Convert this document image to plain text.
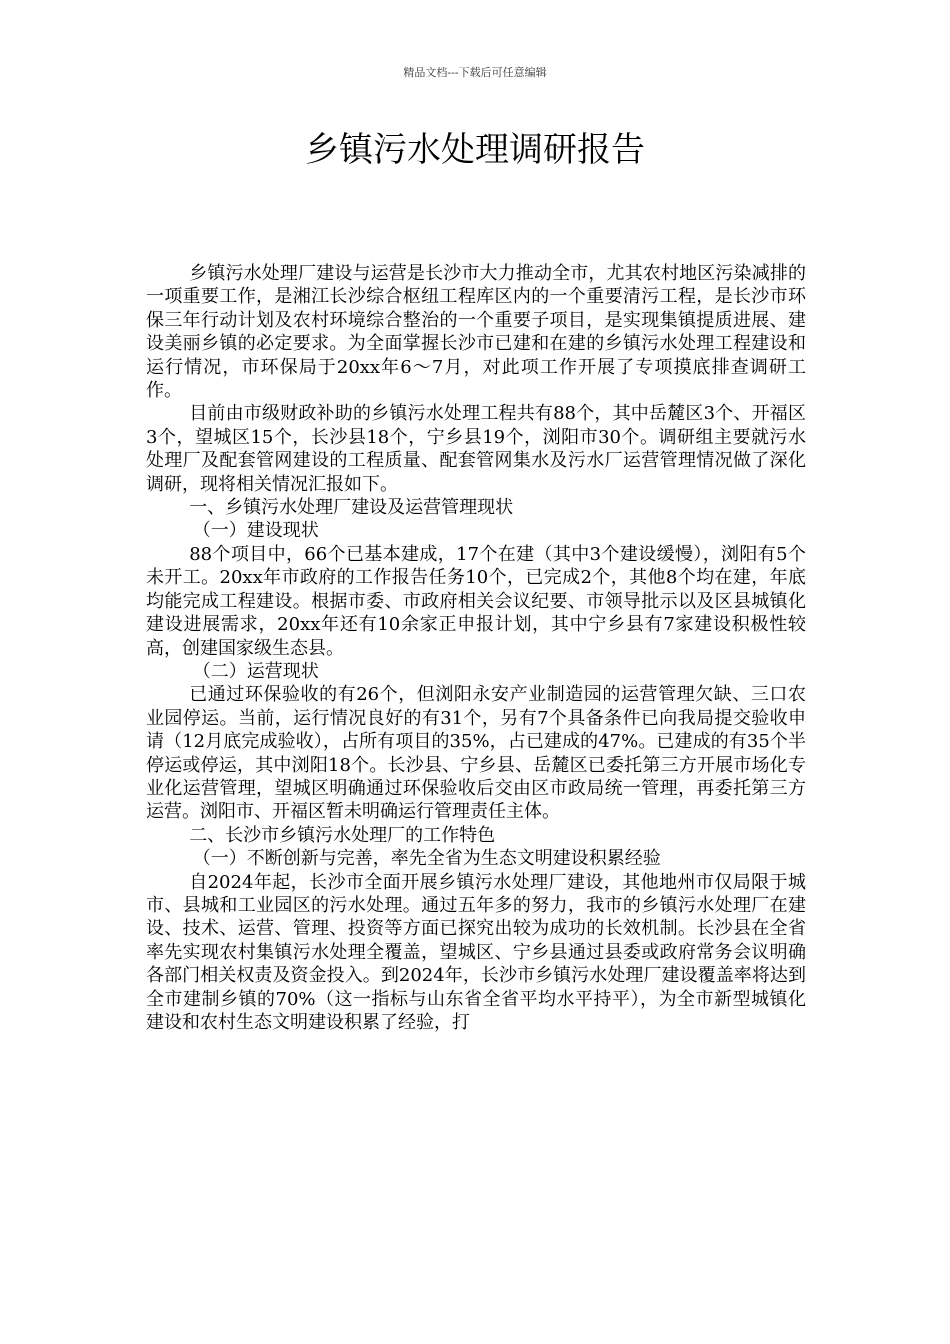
精品文档---下载后可任意编辑
乡镇污水处理调研报告

乡镇污水处理厂建设与运营是长沙市大力推动全市，尤其农村地区污染减排的一项重要工作，是湘江长沙综合枢纽工程库区内的一个重要清污工程，是长沙市环保三年行动计划及农村环境综合整治的一个重要子项目，是实现集镇提质进展、建设美丽乡镇的必定要求。为全面掌握长沙市已建和在建的乡镇污水处理工程建设和运行情况，市环保局于20xx年6～7月，对此项工作开展了专项摸底排查调研工作。

目前由市级财政补助的乡镇污水处理工程共有88个，其中岳麓区3个、开福区3个，望城区15个，长沙县18个，宁乡县19个，浏阳市30个。调研组主要就污水处理厂及配套管网建设的工程质量、配套管网集水及污水厂运营管理情况做了深化调研，现将相关情况汇报如下。

一、乡镇污水处理厂建设及运营管理现状

（一）建设现状

88个项目中，66个已基本建成，17个在建（其中3个建设缓慢），浏阳有5个未开工。20xx年市政府的工作报告任务10个，已完成2个，其他8个均在建，年底均能完成工程建设。根据市委、市政府相关会议纪要、市领导批示以及区县城镇化建设进展需求，20xx年还有10余家正申报计划，其中宁乡县有7家建设积极性较高，创建国家级生态县。

（二）运营现状

已通过环保验收的有26个，但浏阳永安产业制造园的运营管理欠缺、三口农业园停运。当前，运行情况良好的有31个，另有7个具备条件已向我局提交验收申请（12月底完成验收），占所有项目的35%，占已建成的47%。已建成的有35个半停运或停运，其中浏阳18个。长沙县、宁乡县、岳麓区已委托第三方开展市场化专业化运营管理，望城区明确通过环保验收后交由区市政局统一管理，再委托第三方运营。浏阳市、开福区暂未明确运行管理责任主体。

二、长沙市乡镇污水处理厂的工作特色

（一）不断创新与完善，率先全省为生态文明建设积累经验

自2024年起，长沙市全面开展乡镇污水处理厂建设，其他地州市仅局限于城市、县城和工业园区的污水处理。通过五年多的努力，我市的乡镇污水处理厂在建设、技术、运营、管理、投资等方面已探究出较为成功的长效机制。长沙县在全省率先实现农村集镇污水处理全覆盖，望城区、宁乡县通过县委或政府常务会议明确各部门相关权责及资金投入。到2024年，长沙市乡镇污水处理厂建设覆盖率将达到全市建制乡镇的70%（这一指标与山东省全省平均水平持平），为全市新型城镇化建设和农村生态文明建设积累了经验，打
